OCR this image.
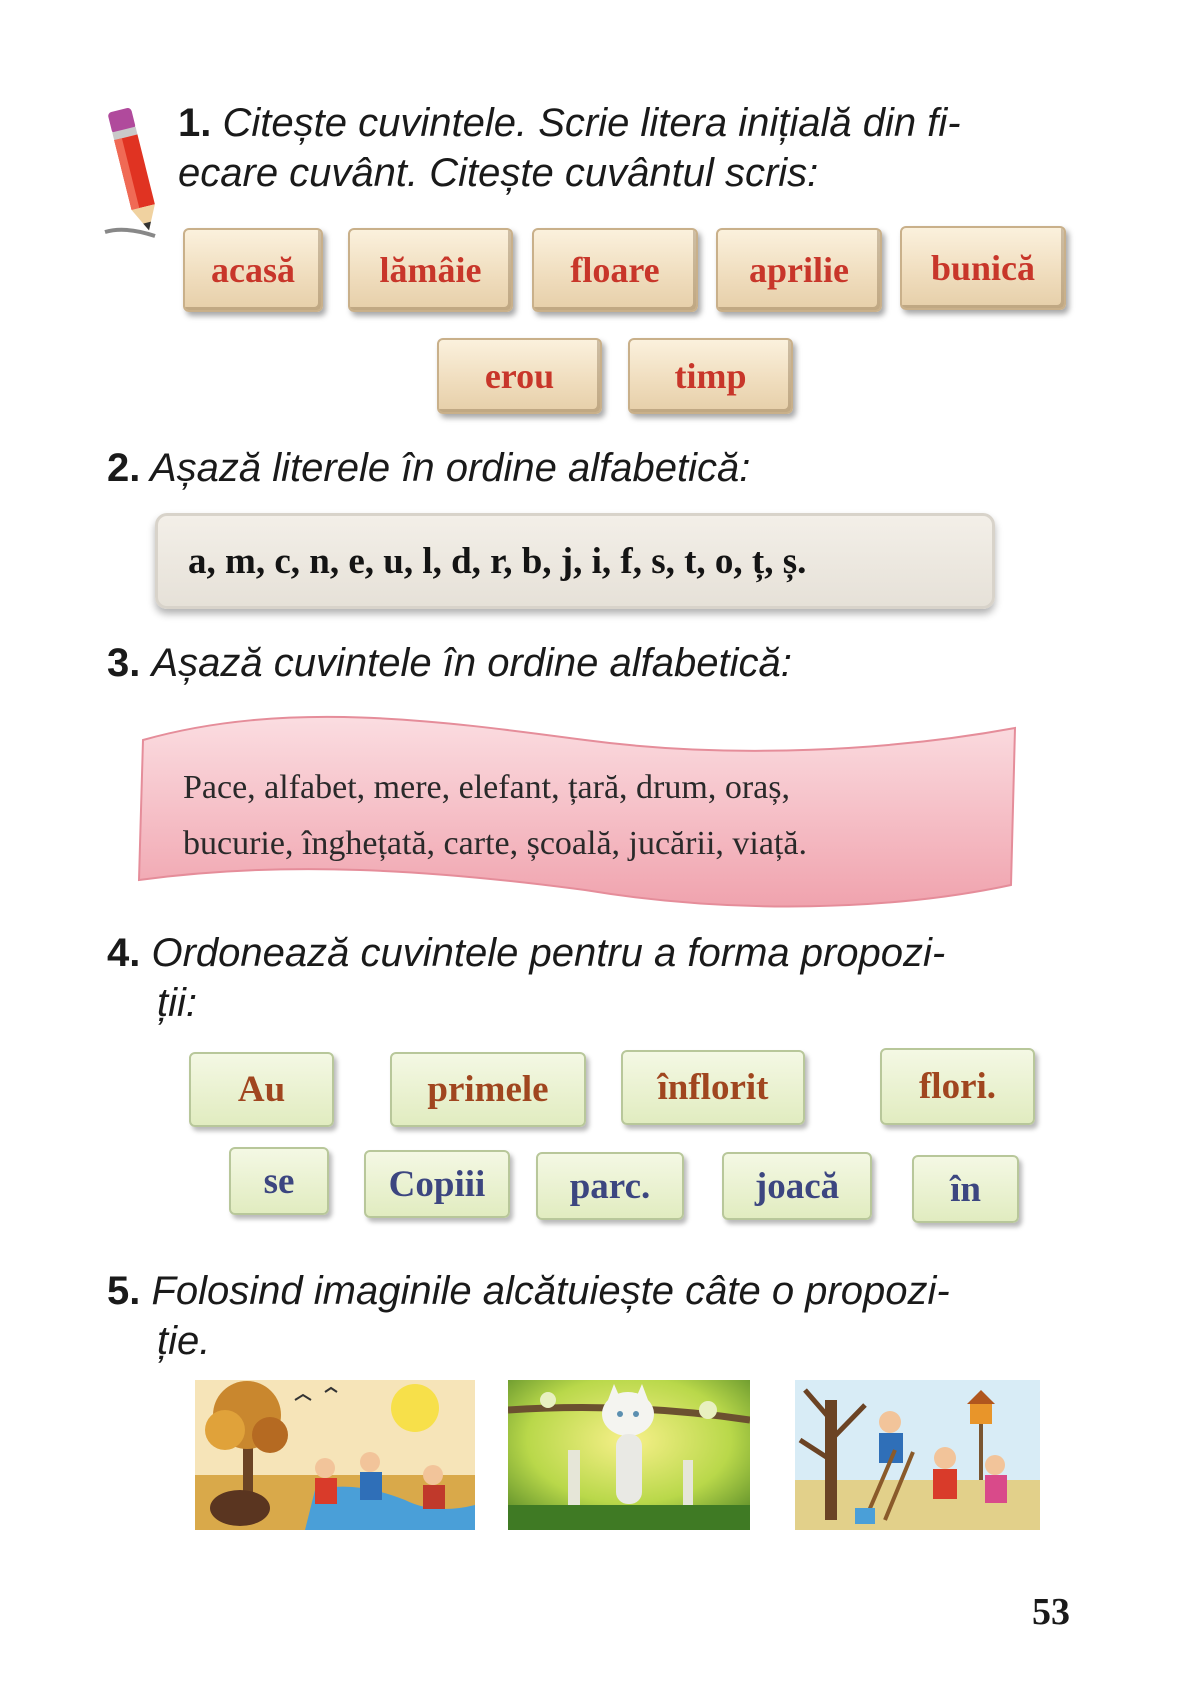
1. Citește cuvintele. Scrie litera inițială din fi-
ecare cuvânt. Citește cuvântul scris:
acasă lămâie floare aprilie bunică
erou	timp
2. Așază literele în ordine alfabetică:
a, m, c, n, e, u, l, d, r, b, j, i, f, s, t, o, ț, ș.
3. Așază cuvintele în ordine alfabetică:
Pace, alfabet, mere, elefant, țară, drum, oraș,
bucurie, înghețată, carte, școală, jucării, viață.
4. Ordonează cuvintele pentru a forma propozi-
ții:
Au	primele	înflorit	flori.
se	Copiii parc.	joacă	în
5. Folosind imaginile alcătuiește câte o propozi-
ție.
53
